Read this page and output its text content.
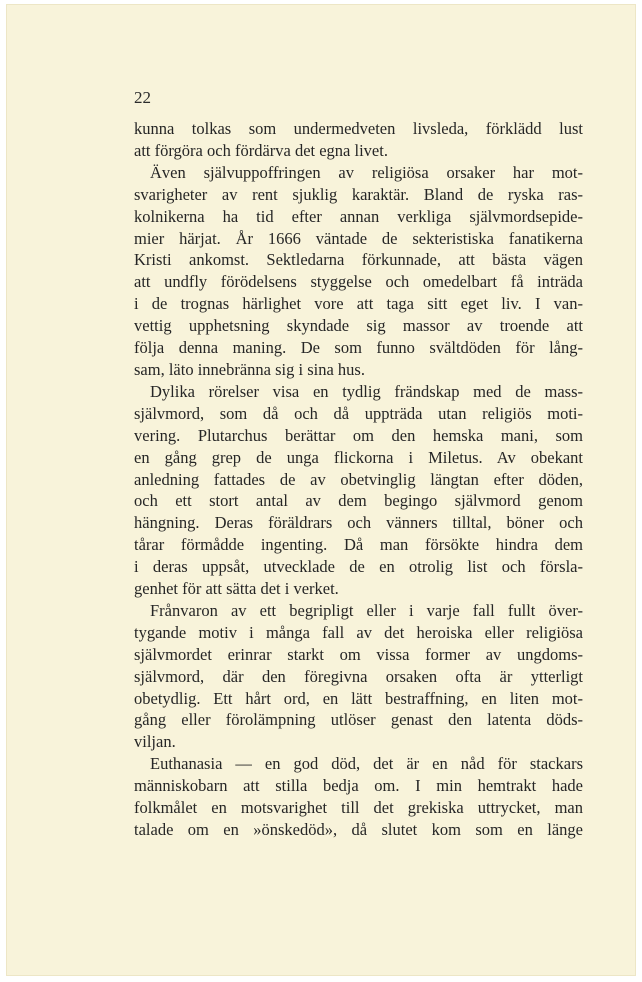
22

kunna tolkas som undermedveten livsleda, förklädd lust
att förgöra och fördärva det egna livet.
Även självuppoffringen av religiösa orsaker har mot-
svarigheter av rent sjuklig karaktär. Bland de ryska ras-
kolnikerna ha tid efter annan verkliga självmordsepide-
mier härjat. År 1666 väntade de sekteristiska fanatikerna
Kristi ankomst. Sektledarna förkunnade, att bästa vägen
att undfly förödelsens styggelse och omedelbart få inträda
i de trognas härlighet vore att taga sitt eget liv. I van-
vettig upphetsning skyndade sig massor av troende att
följa denna maning. De som funno svältdöden för lång-
sam, läto innebränna sig i sina hus.
Dylika rörelser visa en tydlig frändskap med de mass-
självmord, som då och då uppträda utan religiös moti-
vering. Plutarchus berättar om den hemska mani, som
en gång grep de unga flickorna i Miletus. Av obekant
anledning fattades de av obetvinglig längtan efter döden,
och ett stort antal av dem begingo självmord genom
hängning. Deras föräldrars och vänners tilltal, böner och
tårar förmådde ingenting. Då man försökte hindra dem
i deras uppsåt, utvecklade de en otrolig list och försla-
genhet för att sätta det i verket.
Frånvaron av ett begripligt eller i varje fall fullt över-
tygande motiv i många fall av det heroiska eller religiösa
självmordet erinrar starkt om vissa former av ungdoms-
självmord, där den föregivna orsaken ofta är ytterligt
obetydlig. Ett hårt ord, en lätt bestraffning, en liten mot-
gång eller förolämpning utlöser genast den latenta döds-
viljan.
Euthanasia — en god död, det är en nåd för stackars
människobarn att stilla bedja om. I min hemtrakt hade
folkmålet en motsvarighet till det grekiska uttrycket, man
talade om en »önskedöd», då slutet kom som en länge
